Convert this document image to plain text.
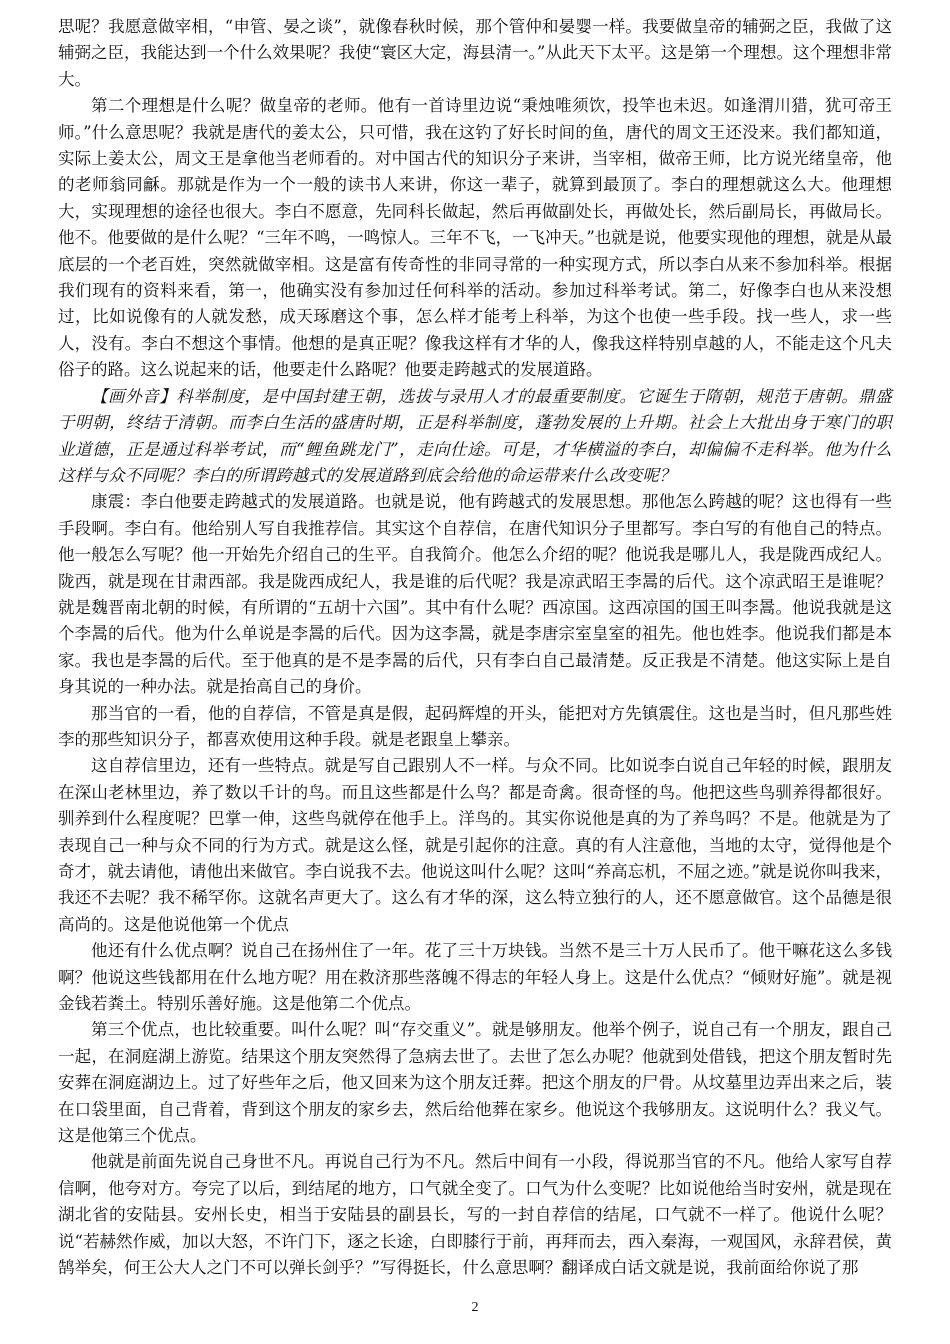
思呢？我愿意做宰相，“申管、晏之谈”，就像春秋时候，那个管仲和晏婴一样。我要做皇帝的辅弼之臣，我做了这辅弼之臣，我能达到一个什么效果呢？我使“寰区大定，海县清一。”从此天下太平。这是第一个理想。这个理想非常大。

第二个理想是什么呢？做皇帝的老师。他有一首诗里边说“秉烛唯须饮，投竿也未迟。如逢渭川猎，犹可帝王师。”什么意思呢？我就是唐代的姜太公，只可惜，我在这钓了好长时间的鱼，唐代的周文王还没来。我们都知道，实际上姜太公，周文王是拿他当老师看的。对中国古代的知识分子来讲，当宰相，做帝王师，比方说光绪皇帝，他的老师翁同龢。那就是作为一个一般的读书人来讲，你这一辈子，就算到最顶了。李白的理想就这么大。他理想大，实现理想的途径也很大。李白不愿意，先同科长做起，然后再做副处长，再做处长，然后副局长，再做局长。他不。他要做的是什么呢？“三年不鸣，一鸣惊人。三年不飞，一飞冲天。”也就是说，他要实现他的理想，就是从最底层的一个老百姓，突然就做宰相。这是富有传奇性的非同寻常的一种实现方式，所以李白从来不参加科举。根据我们现有的资料来看，第一，他确实没有参加过任何科举的活动。参加过科举考试。第二，好像李白也从来没想过，比如说像有的人就发愁，成天琢磨这个事，怎么样才能考上科举，为这个也使一些手段。找一些人，求一些人，没有。李白不想这个事情。他想的是真正呢？像我这样有才华的人，像我这样特别卓越的人，不能走这个凡夫俗子的路。这么说起来的话，他要走什么路呢？他要走跨越式的发展道路。

【画外音】科举制度，是中国封建王朝，选拔与录用人才的最重要制度。它诞生于隋朝，规范于唐朝。鼎盛于明朝，终结于清朝。而李白生活的盛唐时期，正是科举制度，蓬勃发展的上升期。社会上大批出身于寒门的职业道德，正是通过科举考试，而“鲤鱼跳龙门”，走向仕途。可是，才华横溢的李白，却偏偏不走科举。他为什么这样与众不同呢？李白的所谓跨越式的发展道路到底会给他的命运带来什么改变呢？

康震：李白他要走跨越式的发展道路。也就是说，他有跨越式的发展思想。那他怎么跨越的呢？这也得有一些手段啊。李白有。他给别人写自我推荐信。其实这个自荐信，在唐代知识分子里都写。李白写的有他自己的特点。他一般怎么写呢？他一开始先介绍自己的生平。自我简介。他怎么介绍的呢？他说我是哪儿人，我是陇西成纪人。陇西，就是现在甘肃西部。我是陇西成纪人，我是谁的后代呢？我是凉武昭王李暠的后代。这个凉武昭王是谁呢？就是魏晋南北朝的时候，有所谓的“五胡十六国”。其中有什么呢？西凉国。这西凉国的国王叫李暠。他说我就是这个李暠的后代。他为什么单说是李暠的后代。因为这李暠，就是李唐宗室皇室的祖先。他也姓李。他说我们都是本家。我也是李暠的后代。至于他真的是不是李暠的后代，只有李白自己最清楚。反正我是不清楚。他这实际上是自身其说的一种办法。就是抬高自己的身价。

那当官的一看，他的自荐信，不管是真是假，起码辉煌的开头，能把对方先镇震住。这也是当时，但凡那些姓李的那些知识分子，都喜欢使用这种手段。就是老跟皇上攀亲。

这自荐信里边，还有一些特点。就是写自己跟别人不一样。与众不同。比如说李白说自己年轻的时候，跟朋友在深山老林里边，养了数以千计的鸟。而且这些都是什么鸟？都是奇禽。很奇怪的鸟。他把这些鸟驯养得都很好。驯养到什么程度呢？巴掌一伸，这些鸟就停在他手上。洋鸟的。其实你说他是真的为了养鸟吗？不是。他就是为了表现自己一种与众不同的行为方式。就是这么怪，就是引起你的注意。真的有人注意他，当地的太守，觉得他是个奇才，就去请他，请他出来做官。李白说我不去。他说这叫什么呢？这叫“养高忘机，不屈之迹。”就是说你叫我来，我还不去呢？我不稀罕你。这就名声更大了。这么有才华的深，这么特立独行的人，还不愿意做官。这个品德是很高尚的。这是他说他第一个优点

他还有什么优点啊？说自己在扬州住了一年。花了三十万块钱。当然不是三十万人民币了。他干嘛花这么多钱啊？他说这些钱都用在什么地方呢？用在救济那些落魄不得志的年轻人身上。这是什么优点？“倾财好施”。就是视金钱若粪土。特别乐善好施。这是他第二个优点。

第三个优点，也比较重要。叫什么呢？叫“存交重义”。就是够朋友。他举个例子，说自己有一个朋友，跟自己一起，在洞庭湖上游览。结果这个朋友突然得了急病去世了。去世了怎么办呢？他就到处借钱，把这个朋友暂时先安葬在洞庭湖边上。过了好些年之后，他又回来为这个朋友迁葬。把这个朋友的尸骨。从坟墓里边弄出来之后，装在口袋里面，自己背着，背到这个朋友的家乡去，然后给他葬在家乡。他说这个我够朋友。这说明什么？我义气。这是他第三个优点。

他就是前面先说自己身世不凡。再说自己行为不凡。然后中间有一小段，得说那当官的不凡。他给人家写自荐信啊，他夸对方。夸完了以后，到结尾的地方，口气就全变了。口气为什么变呢？比如说他给当时安州，就是现在湖北省的安陆县。安州长史，相当于安陆县的副县长，写的一封自荐信的结尾，口气就不一样了。他说什么呢？说“若赫然作威，加以大怒，不许门下，逐之长途，白即膝行于前，再拜而去，西入秦海，一观国风，永辞君侯，黄鹄举矣，何王公大人之门不可以弹长剑乎？”写得挺长，什么意思啊？翻译成白话文就是说，我前面给你说了那

2
